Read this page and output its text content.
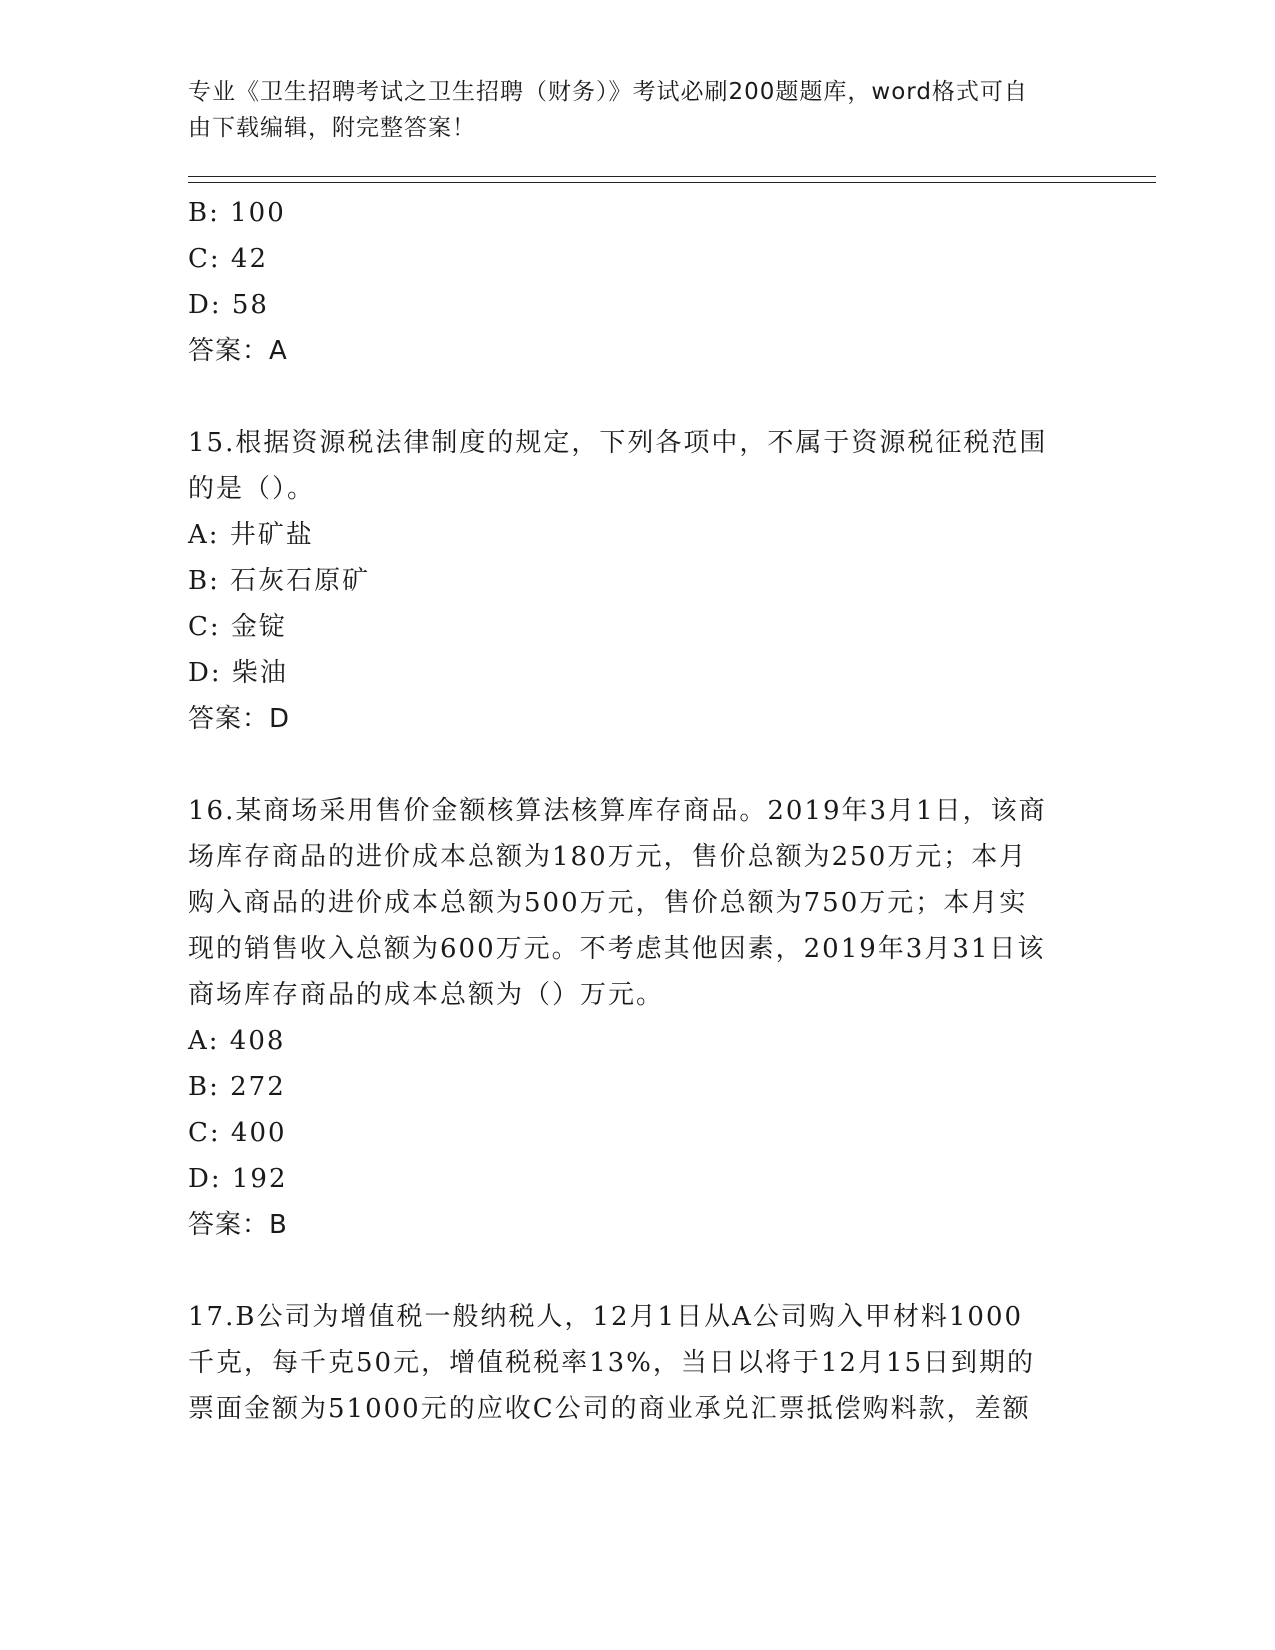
专业《卫生招聘考试之卫生招聘（财务）》考试必刷200题题库，word格式可自
由下载编辑，附完整答案！
B: 100
C: 42
D: 58
答案：A
15.根据资源税法律制度的规定，下列各项中，不属于资源税征税范围
的是（）。
A: 井矿盐
B: 石灰石原矿
C: 金锭
D: 柴油
答案：D
16.某商场采用售价金额核算法核算库存商品。2019年3月1日，该商
场库存商品的进价成本总额为180万元，售价总额为250万元；本月
购入商品的进价成本总额为500万元，售价总额为750万元；本月实
现的销售收入总额为600万元。不考虑其他因素，2019年3月31日该
商场库存商品的成本总额为（）万元。
A: 408
B: 272
C: 400
D: 192
答案：B
17.B公司为增值税一般纳税人，12月1日从A公司购入甲材料1000
千克，每千克50元，增值税税率13%，当日以将于12月15日到期的
票面金额为51000元的应收C公司的商业承兑汇票抵偿购料款，差额
